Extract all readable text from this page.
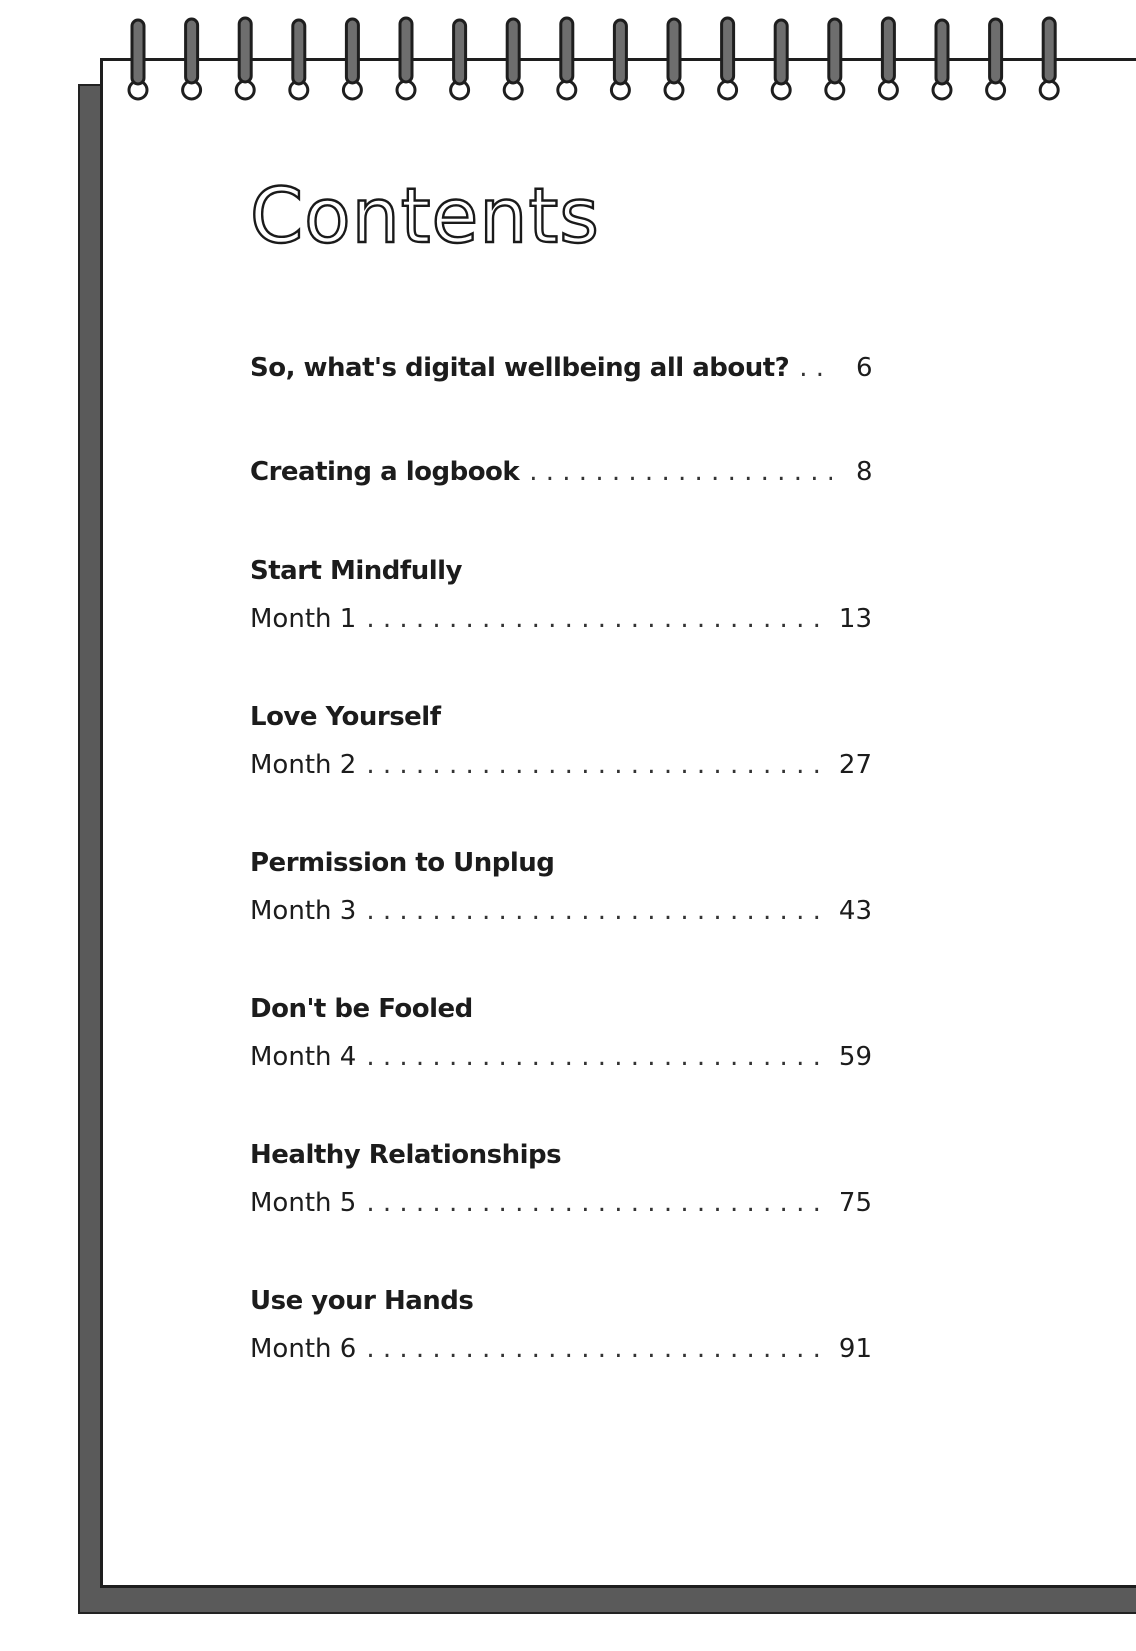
Contents
So, what's digital wellbeing all about? . . .	6
Creating a logbook . . .	8
Start Mindfully
Month 1 . . .	13
Love Yourself
Month 2 . . .	27
Permission to Unplug
Month 3 . . .	43
Don't be Fooled
Month 4 . . .	59
Healthy Relationships
Month 5 . . .	75
Use your Hands
Month 6 . . .	91
